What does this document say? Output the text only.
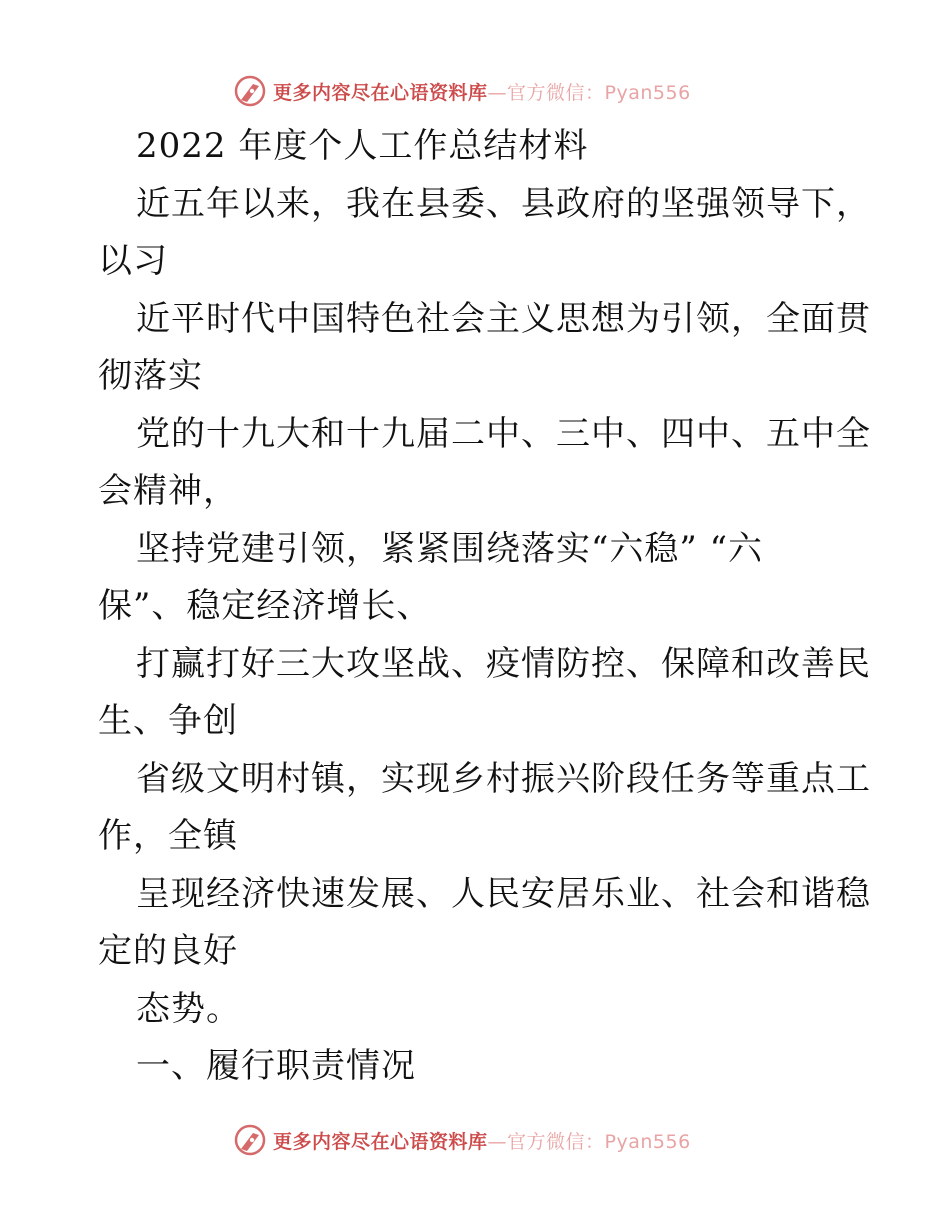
更多内容尽在心语资料库—官方微信：Pyan556
2022 年度个人工作总结材料
近五年以来，我在县委、县政府的坚强领导下，
以习
近平时代中国特色社会主义思想为引领，全面贯
彻落实
党的十九大和十九届二中、三中、四中、五中全
会精神，
坚持党建引领，紧紧围绕落实“六稳” “六
保”、稳定经济增长、
打赢打好三大攻坚战、疫情防控、保障和改善民
生、争创
省级文明村镇，实现乡村振兴阶段任务等重点工
作，全镇
呈现经济快速发展、人民安居乐业、社会和谐稳
定的良好
态势。
一、履行职责情况
更多内容尽在心语资料库—官方微信：Pyan556
